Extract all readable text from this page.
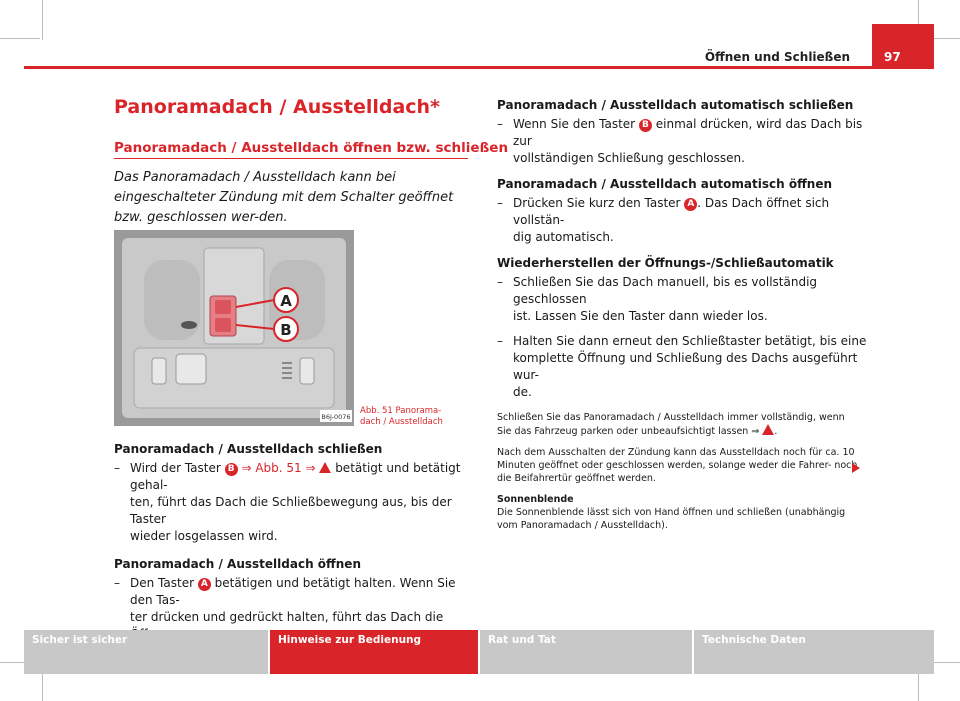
97
Öffnen und Schließen
Panoramadach / Ausstelldach*
Panoramadach / Ausstelldach öffnen bzw. schließen
Das Panoramadach / Ausstelldach kann bei eingeschalteter Zündung mit dem Schalter geöffnet bzw. geschlossen wer-den.
A
B
B6J-0076
Abb. 51 Panorama-
dach / Ausstelldach

Panoramadach / Ausstelldach schließen

– Wird der Taster B ⇒ Abb. 51 ⇒  betätigt und betätigt gehal-
ten, führt das Dach die Schließbewegung aus, bis der Taster
wieder losgelassen wird.

Panoramadach / Ausstelldach öffnen

– Den Taster A betätigen und betätigt halten. Wenn Sie den Tas-
ter drücken und gedrückt halten, führt das Dach die

Panoramadach / Ausstelldach automatisch schließen

– Wenn Sie den Taster B einmal drücken, wird das Dach bis zur
vollständigen Schließung geschlossen.

Panoramadach / Ausstelldach automatisch öffnen

– Drücken Sie kurz den Taster A . Das Dach öffnet sich vollstän-
dig automatisch.

Wiederherstellen der Öffnungs-/Schließautomatik

– Schließen Sie das Dach manuell, bis es vollständig geschlossen
ist. Lassen Sie den Taster dann wieder los.
– Halten Sie dann erneut den Schließtaster betätigt, bis eine
komplette Öffnung und Schließung des Dachs ausgeführt wur-
de.
Schließen Sie das Panoramadach / Ausstelldach immer vollständig, wenn
Sie das Fahrzeug parken oder unbeaufsichtigt lassen ⇒ .
Nach dem Ausschalten der Zündung kann das Ausstelldach noch für ca. 10
Minuten geöffnet oder geschlossen werden, solange weder die Fahrer- noch
die Beifahrertür geöffnet werden.
Sonnenblende
Die Sonnenblende lässt sich von Hand öffnen und schließen (unabhängig
vom Panoramadach / Ausstelldach).
Sicher ist sicher	Hinweise zur Bedienung	Rat und Tat	Technische Daten
